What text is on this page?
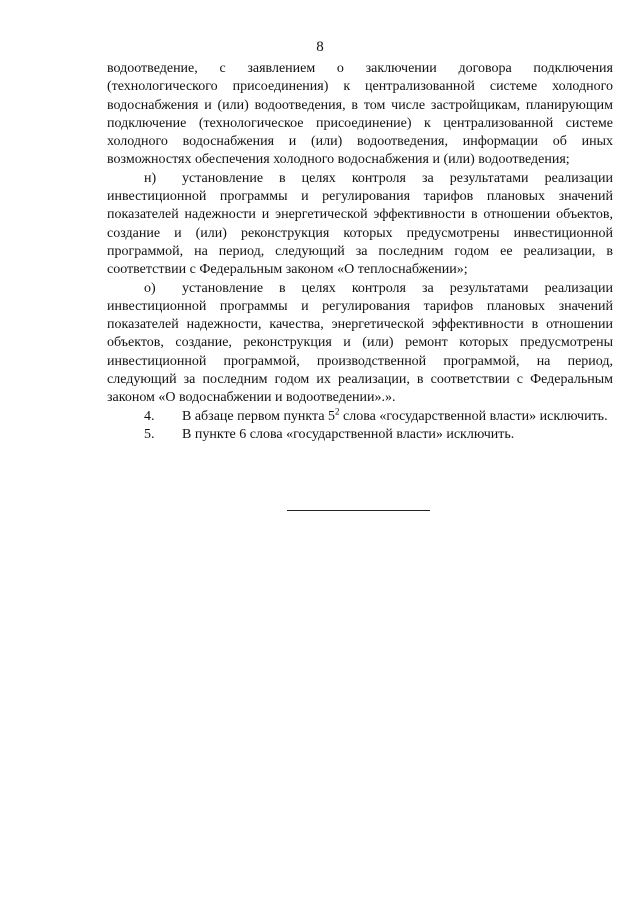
8

водоотведение, с заявлением о заключении договора подключения (технологического присоединения) к централизованной системе холодного водоснабжения и (или) водоотведения, в том числе застройщикам, планирующим подключение (технологическое присоединение) к централизованной системе холодного водоснабжения и (или) водоотведения, информации об иных возможностях обеспечения холодного водоснабжения и (или) водоотведения;

н) установление в целях контроля за результатами реализации инвестиционной программы и регулирования тарифов плановых значений показателей надежности и энергетической эффективности в отношении объектов, создание и (или) реконструкция которых предусмотрены инвестиционной программой, на период, следующий за последним годом ее реализации, в соответствии с Федеральным законом «О теплоснабжении»;

о) установление в целях контроля за результатами реализации инвестиционной программы и регулирования тарифов плановых значений показателей надежности, качества, энергетической эффективности в отношении объектов, создание, реконструкция и (или) ремонт которых предусмотрены инвестиционной программой, производственной программой, на период, следующий за последним годом их реализации, в соответствии с Федеральным законом «О водоснабжении и водоотведении».».

4. В абзаце первом пункта $5^2$ слова «государственной власти» исключить.

5. В пункте 6 слова «государственной власти» исключить.
